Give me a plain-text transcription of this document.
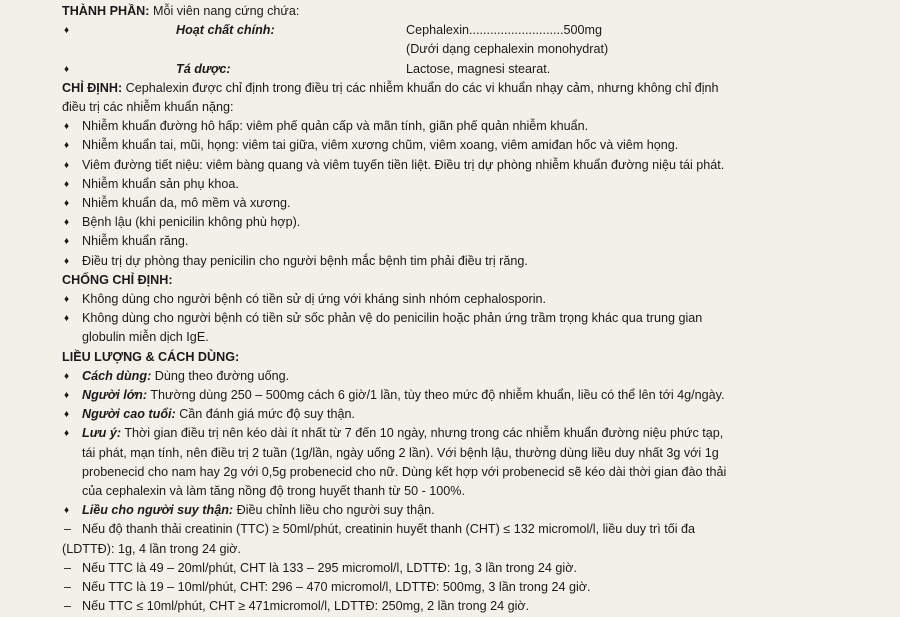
THÀNH PHẦN: Mỗi viên nang cứng chứa:
♦ Hoạt chất chính:	Cephalexin...........................500mg
(Dưới dạng cephalexin monohydrat)
♦ Tá dược:	Lactose, magnesi stearat.
CHỈ ĐỊNH: Cephalexin được chỉ định trong điều trị các nhiễm khuẩn do các vi khuẩn nhạy cảm, nhưng không chỉ định
điều trị các nhiễm khuẩn nặng:
♦ Nhiễm khuẩn đường hô hấp: viêm phế quản cấp và mãn tính, giãn phế quản nhiễm khuẩn.
♦ Nhiễm khuẩn tai, mũi, họng: viêm tai giữa, viêm xương chũm, viêm xoang, viêm amiđan hốc và viêm họng.
♦ Viêm đường tiết niệu: viêm bàng quang và viêm tuyến tiền liệt. Điều trị dự phòng nhiễm khuẩn đường niệu tái phát.
♦ Nhiễm khuẩn sản phụ khoa.
♦ Nhiễm khuẩn da, mô mềm và xương.
♦ Bệnh lậu (khi penicilin không phù hợp).
♦ Nhiễm khuẩn răng.
♦ Điều trị dự phòng thay penicilin cho người bệnh mắc bệnh tim phải điều trị răng.
CHỐNG CHỈ ĐỊNH:
♦ Không dùng cho người bệnh có tiền sử dị ứng với kháng sinh nhóm cephalosporin.
♦ Không dùng cho người bệnh có tiền sử sốc phản vệ do penicilin hoặc phản ứng trầm trọng khác qua trung gian
globulin miễn dịch IgE.
LIỀU LƯỢNG & CÁCH DÙNG:
♦ Cách dùng: Dùng theo đường uống.
♦ Người lớn: Thường dùng 250 – 500mg cách 6 giờ/1 lần, tùy theo mức độ nhiễm khuẩn, liều có thể lên tới 4g/ngày.
♦ Người cao tuổi: Cần đánh giá mức độ suy thận.
♦ Lưu ý: Thời gian điều trị nên kéo dài ít nhất từ 7 đến 10 ngày, nhưng trong các nhiễm khuẩn đường niệu phức tạp,
tái phát, mạn tính, nên điều trị 2 tuần (1g/lần, ngày uống 2 lần). Với bệnh lậu, thường dùng liều duy nhất 3g với 1g
probenecid cho nam hay 2g với 0,5g probenecid cho nữ. Dùng kết hợp với probenecid sẽ kéo dài thời gian đào thải
của cephalexin và làm tăng nồng độ trong huyết thanh từ 50 - 100%.
♦ Liều cho người suy thận: Điều chỉnh liều cho người suy thận.
– Nếu độ thanh thải creatinin (TTC) ≥ 50ml/phút, creatinin huyết thanh (CHT) ≤ 132 micromol/l, liều duy trì tối đa
(LDTTĐ): 1g, 4 lần trong 24 giờ.
– Nếu TTC là 49 – 20ml/phút, CHT là 133 – 295 micromol/l, LDTTĐ: 1g, 3 lần trong 24 giờ.
– Nếu TTC là 19 – 10ml/phút, CHT: 296 – 470 micromol/l, LDTTĐ: 500mg, 3 lần trong 24 giờ.
– Nếu TTC ≤ 10ml/phút, CHT ≥ 471micromol/l, LDTTĐ: 250mg, 2 lần trong 24 giờ.
